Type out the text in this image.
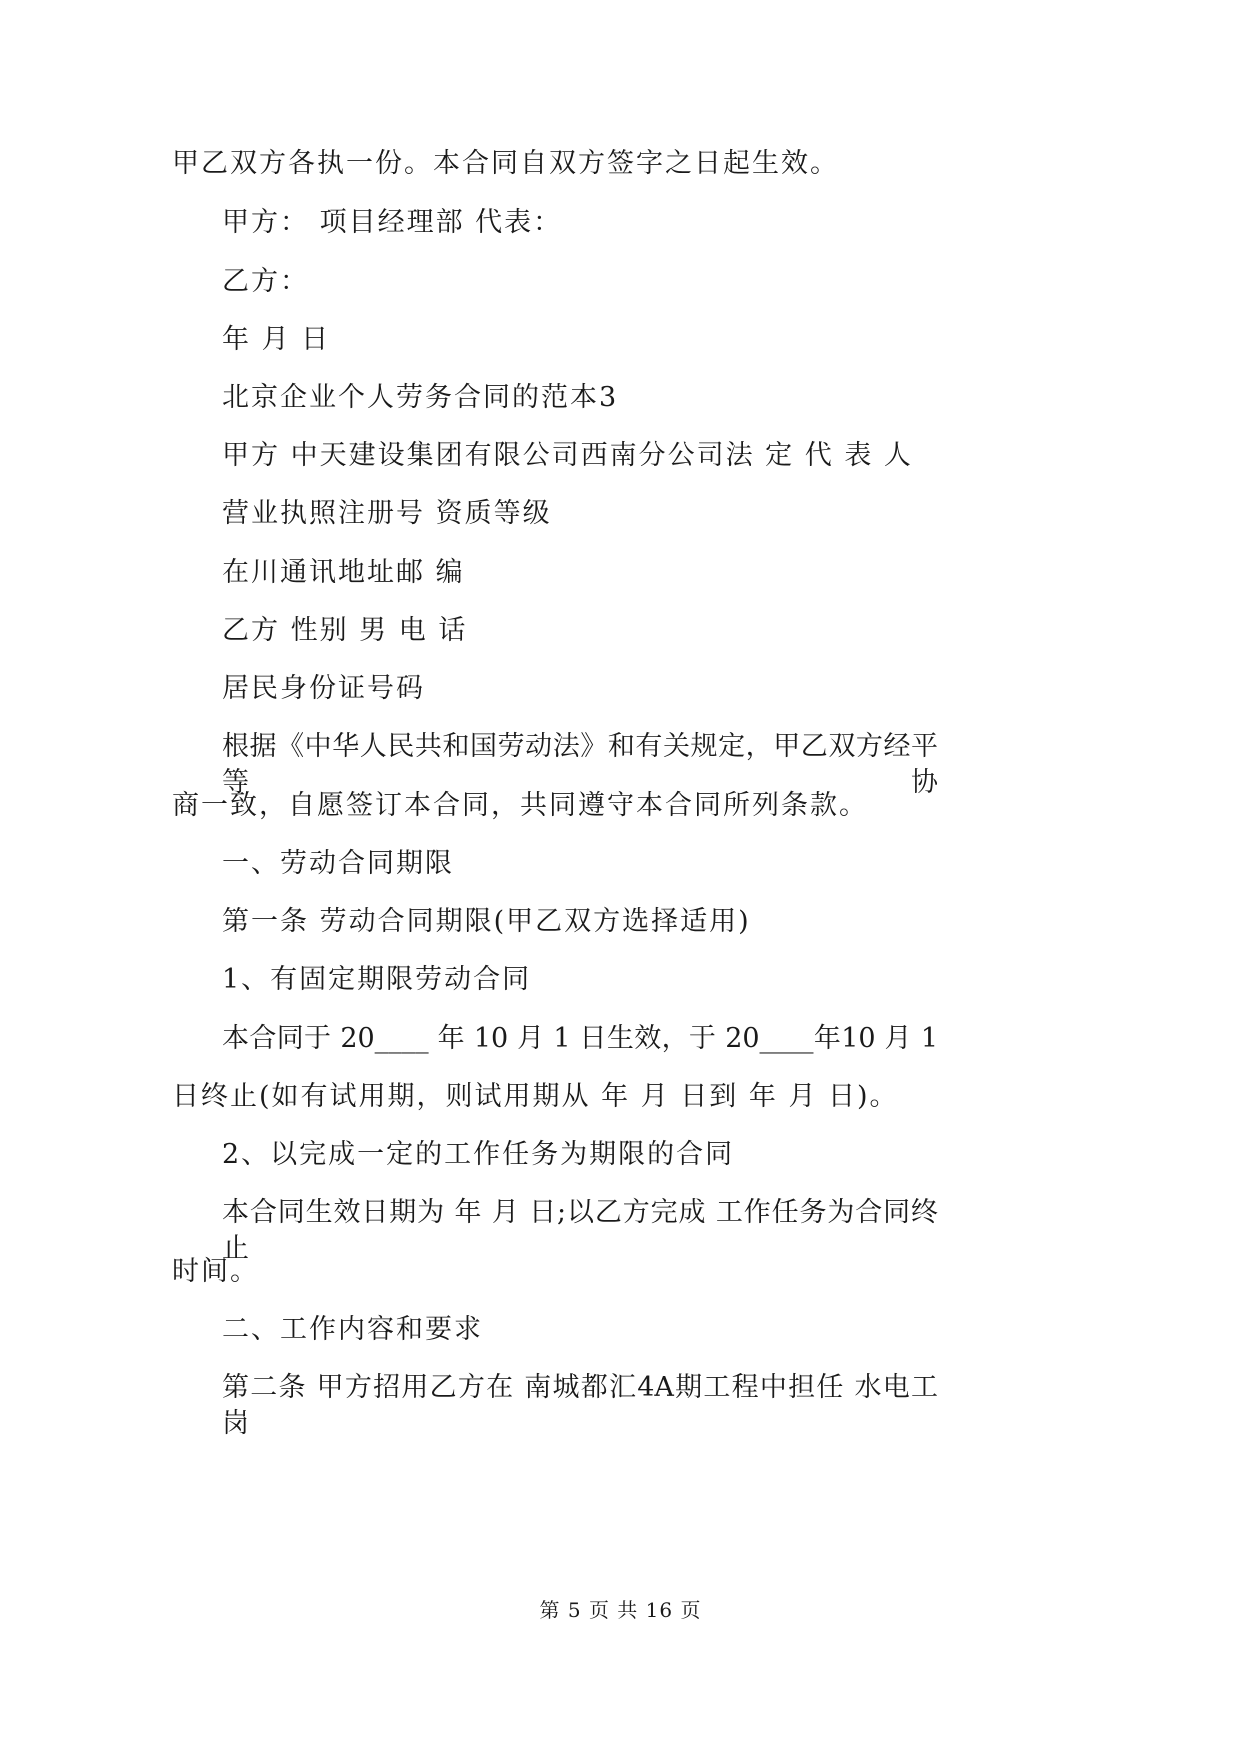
甲乙双方各执一份。本合同自双方签字之日起生效。
甲方： 项目经理部 代表：
乙方：
年 月 日
北京企业个人劳务合同的范本3
甲方 中天建设集团有限公司西南分公司法 定 代 表 人
营业执照注册号 资质等级
在川通讯地址邮 编
乙方 性别 男 电 话
居民身份证号码
根据《中华人民共和国劳动法》和有关规定，甲乙双方经平等协
商一致，自愿签订本合同，共同遵守本合同所列条款。
一、劳动合同期限
第一条 劳动合同期限(甲乙双方选择适用)
1、有固定期限劳动合同
本合同于 20____ 年 10 月 1 日生效，于 20____年10 月 1
日终止(如有试用期，则试用期从 年 月 日到 年 月 日)。
2、以完成一定的工作任务为期限的合同
本合同生效日期为 年 月 日;以乙方完成 工作任务为合同终止
时间。
二、工作内容和要求
第二条 甲方招用乙方在 南城都汇4A期工程中担任 水电工 岗
第 5 页 共 16 页
